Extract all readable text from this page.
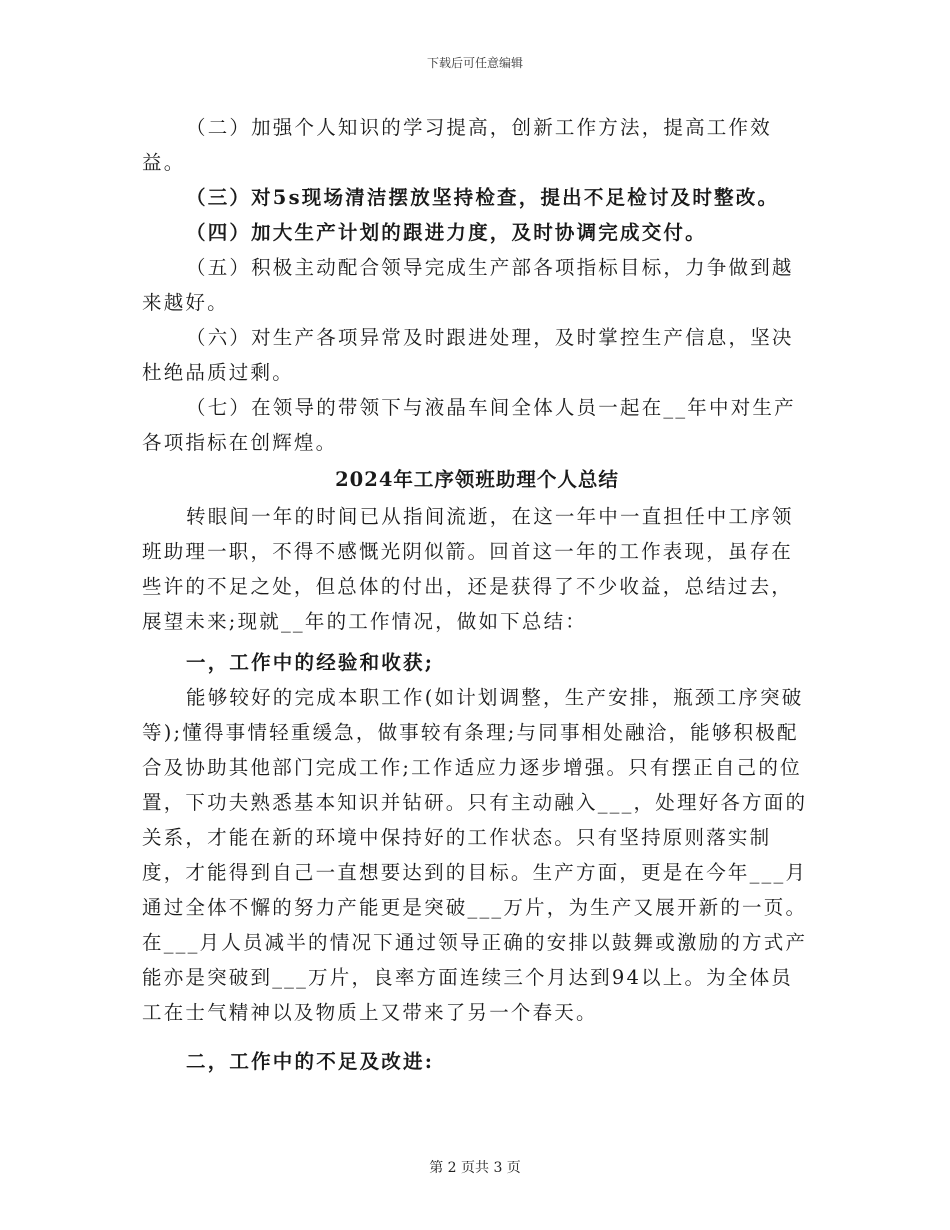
下载后可任意编辑

（二）加强个人知识的学习提高，创新工作方法，提高工作效益。

（三）对5s现场清洁摆放坚持检查，提出不足检讨及时整改。

（四）加大生产计划的跟进力度，及时协调完成交付。

（五）积极主动配合领导完成生产部各项指标目标，力争做到越来越好。

（六）对生产各项异常及时跟进处理，及时掌控生产信息，坚决杜绝品质过剩。

（七）在领导的带领下与液晶车间全体人员一起在__年中对生产各项指标在创辉煌。

2024年工序领班助理个人总结

转眼间一年的时间已从指间流逝，在这一年中一直担任中工序领班助理一职，不得不感慨光阴似箭。回首这一年的工作表现，虽存在些许的不足之处，但总体的付出，还是获得了不少收益，总结过去，展望未来;现就__年的工作情况，做如下总结：

一，工作中的经验和收获;

能够较好的完成本职工作(如计划调整，生产安排，瓶颈工序突破等);懂得事情轻重缓急，做事较有条理;与同事相处融洽，能够积极配合及协助其他部门完成工作;工作适应力逐步增强。只有摆正自己的位置，下功夫熟悉基本知识并钻研。只有主动融入___，处理好各方面的关系，才能在新的环境中保持好的工作状态。只有坚持原则落实制度，才能得到自己一直想要达到的目标。生产方面，更是在今年___月通过全体不懈的努力产能更是突破___万片，为生产又展开新的一页。在___月人员减半的情况下通过领导正确的安排以鼓舞或激励的方式产能亦是突破到___万片，良率方面连续三个月达到94以上。为全体员工在士气精神以及物质上又带来了另一个春天。

二，工作中的不足及改进:

第 2 页共 3 页
